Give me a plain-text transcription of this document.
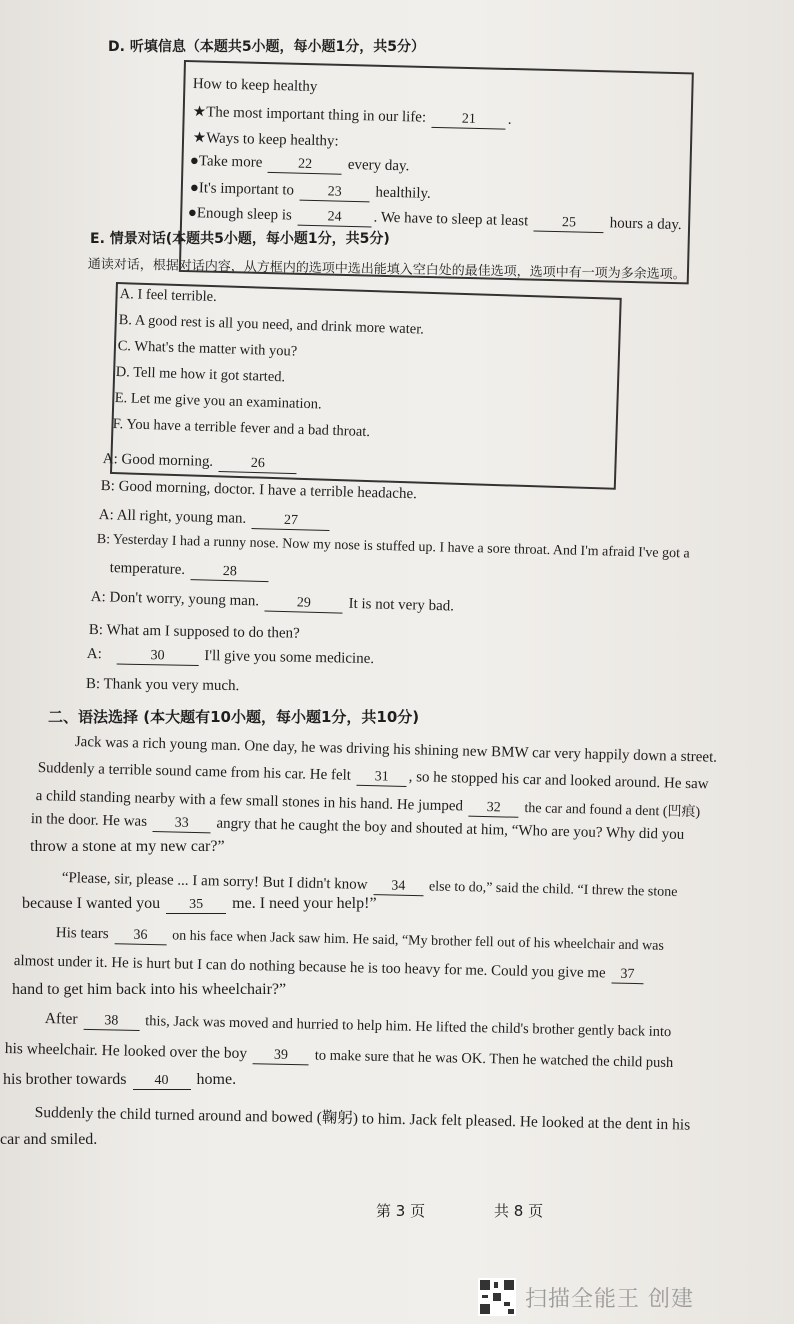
D. 听填信息（本题共5小题，每小题1分，共5分）
How to keep healthy
★The most important thing in our life:	21 .
★Ways to keep healthy:
●Take more	22 every day.
●It's important to 23 healthily.
●Enough sleep is	24 . We have to sleep at least 25 hours a day.
E. 情景对话(本题共5小题，每小题1分，共5分)
通读对话，根据对话内容，从方框内的选项中选出能填入空白处的最佳选项，选项中有一项为多余选项。
A. I feel terrible.
B. A good rest is all you need, and drink more water.
C. What's the matter with you?
D. Tell me how it got started.
E. Let me give you an examination.
F. You have a terrible fever and a bad throat.
A: Good morning.	26
B: Good morning, doctor. I have a terrible headache.
A: All right, young man.	27
B: Yesterday I had a runny nose. Now my nose is stuffed up. I have a sore throat. And I'm afraid I've got a
temperature.	28
A: Don't worry, young man.	29 It is not very bad.
B: What am I supposed to do then?
A:	30	I'll give you some medicine.
B: Thank you very much.
二、语法选择 (本大题有10小题，每小题1分，共10分)
Jack was a rich young man. One day, he was driving his shining new BMW car very happily down a street.
Suddenly a terrible sound came from his car. He felt 31 , so he stopped his car and looked around. He saw
a child standing nearby with a few small stones in his hand. He jumped 32 the car and found a dent (凹痕)
in the door. He was 33 angry that he caught the boy and shouted at him, “Who are you? Why did you
throw a stone at my new car?”
“Please, sir, please ... I am sorry! But I didn't know 34 else to do,” said the child. “I threw the stone
because I wanted you 35 me. I need your help!”
His tears 36 on his face when Jack saw him. He said, “My brother fell out of his wheelchair and was
almost under it. He is hurt but I can do nothing because he is too heavy for me. Could you give me 37
hand to get him back into his wheelchair?”
After 38 this, Jack was moved and hurried to help him. He lifted the child's brother gently back into
his wheelchair. He looked over the boy 39 to make sure that he was OK. Then he watched the child push
his brother towards 40 home.
Suddenly the child turned around and bowed (鞠躬) to him. Jack felt pleased. He looked at the dent in his
car and smiled.
第 3 页	共 8 页
扫描全能王 创建
